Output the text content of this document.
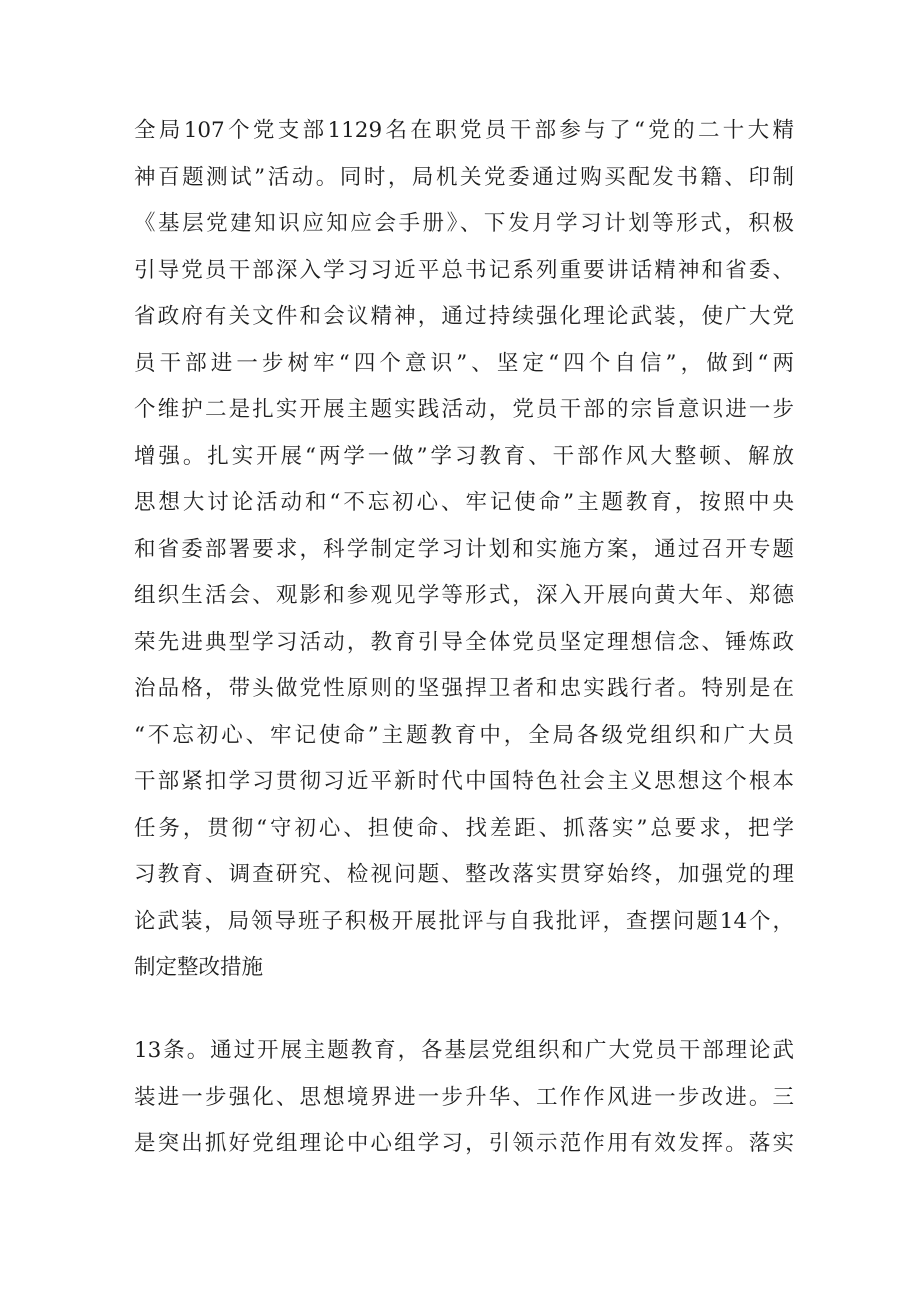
全局107个党支部1129名在职党员干部参与了“党的二十大精
神百题测试”活动。同时，局机关党委通过购买配发书籍、印制
《基层党建知识应知应会手册》、下发月学习计划等形式，积极
引导党员干部深入学习习近平总书记系列重要讲话精神和省委、
省政府有关文件和会议精神，通过持续强化理论武装，使广大党
员干部进一步树牢“四个意识”、坚定“四个自信”，做到“两
个维护二是扎实开展主题实践活动，党员干部的宗旨意识进一步
增强。扎实开展“两学一做”学习教育、干部作风大整顿、解放
思想大讨论活动和“不忘初心、牢记使命”主题教育，按照中央
和省委部署要求，科学制定学习计划和实施方案，通过召开专题
组织生活会、观影和参观见学等形式，深入开展向黄大年、郑德
荣先进典型学习活动，教育引导全体党员坚定理想信念、锤炼政
治品格，带头做党性原则的坚强捍卫者和忠实践行者。特别是在
“不忘初心、牢记使命”主题教育中，全局各级党组织和广大员
干部紧扣学习贯彻习近平新时代中国特色社会主义思想这个根本
任务，贯彻“守初心、担使命、找差距、抓落实”总要求，把学
习教育、调查研究、检视问题、整改落实贯穿始终，加强党的理
论武装，局领导班子积极开展批评与自我批评，查摆问题14个，
制定整改措施
13条。通过开展主题教育，各基层党组织和广大党员干部理论武
装进一步强化、思想境界进一步升华、工作作风进一步改进。三
是突出抓好党组理论中心组学习，引领示范作用有效发挥。落实
